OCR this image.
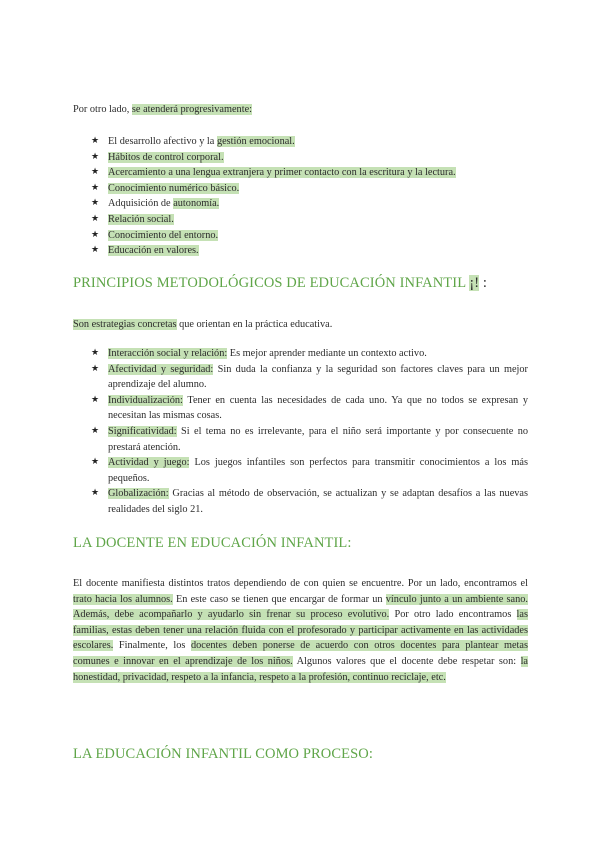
Por otro lado, se atenderá progresivamente:

★ El desarrollo afectivo y la gestión emocional.
★ Hábitos de control corporal.
★ Acercamiento a una lengua extranjera y primer contacto con la escritura y la lectura.
★ Conocimiento numérico básico.
★ Adquisición de autonomía.
★ Relación social.
★ Conocimiento del entorno.
★ Educación en valores.
PRINCIPIOS METODOLÓGICOS DE EDUCACIÓN INFANTIL ¡! :

Son estrategias concretas que orientan en la práctica educativa.

★ Interacción social y relación: Es mejor aprender mediante un contexto activo.
★ Afectividad y seguridad: Sin duda la confianza y la seguridad son factores claves para un mejor aprendizaje del alumno.
★ Individualización: Tener en cuenta las necesidades de cada uno. Ya que no todos se expresan y necesitan las mismas cosas.
★ Significatividad: Si el tema no es irrelevante, para el niño será importante y por consecuente no prestará atención.
★ Actividad y juego: Los juegos infantiles son perfectos para transmitir conocimientos a los más pequeños.
★ Globalización: Gracias al método de observación, se actualizan y se adaptan desafíos a las nuevas realidades del siglo 21.
LA DOCENTE EN EDUCACIÓN INFANTIL:

El docente manifiesta distintos tratos dependiendo de con quien se encuentre. Por un lado, encontramos el trato hacia los alumnos. En este caso se tienen que encargar de formar un vínculo junto a un ambiente sano. Además, debe acompañarlo y ayudarlo sin frenar su proceso evolutivo. Por otro lado encontramos las familias, estas deben tener una relación fluida con el profesorado y participar activamente en las actividades escolares. Finalmente, los docentes deben ponerse de acuerdo con otros docentes para plantear metas comunes e innovar en el aprendizaje de los niños. Algunos valores que el docente debe respetar son: la honestidad, privacidad, respeto a la infancia, respeto a la profesión, continuo reciclaje, etc.

LA EDUCACIÓN INFANTIL COMO PROCESO:
